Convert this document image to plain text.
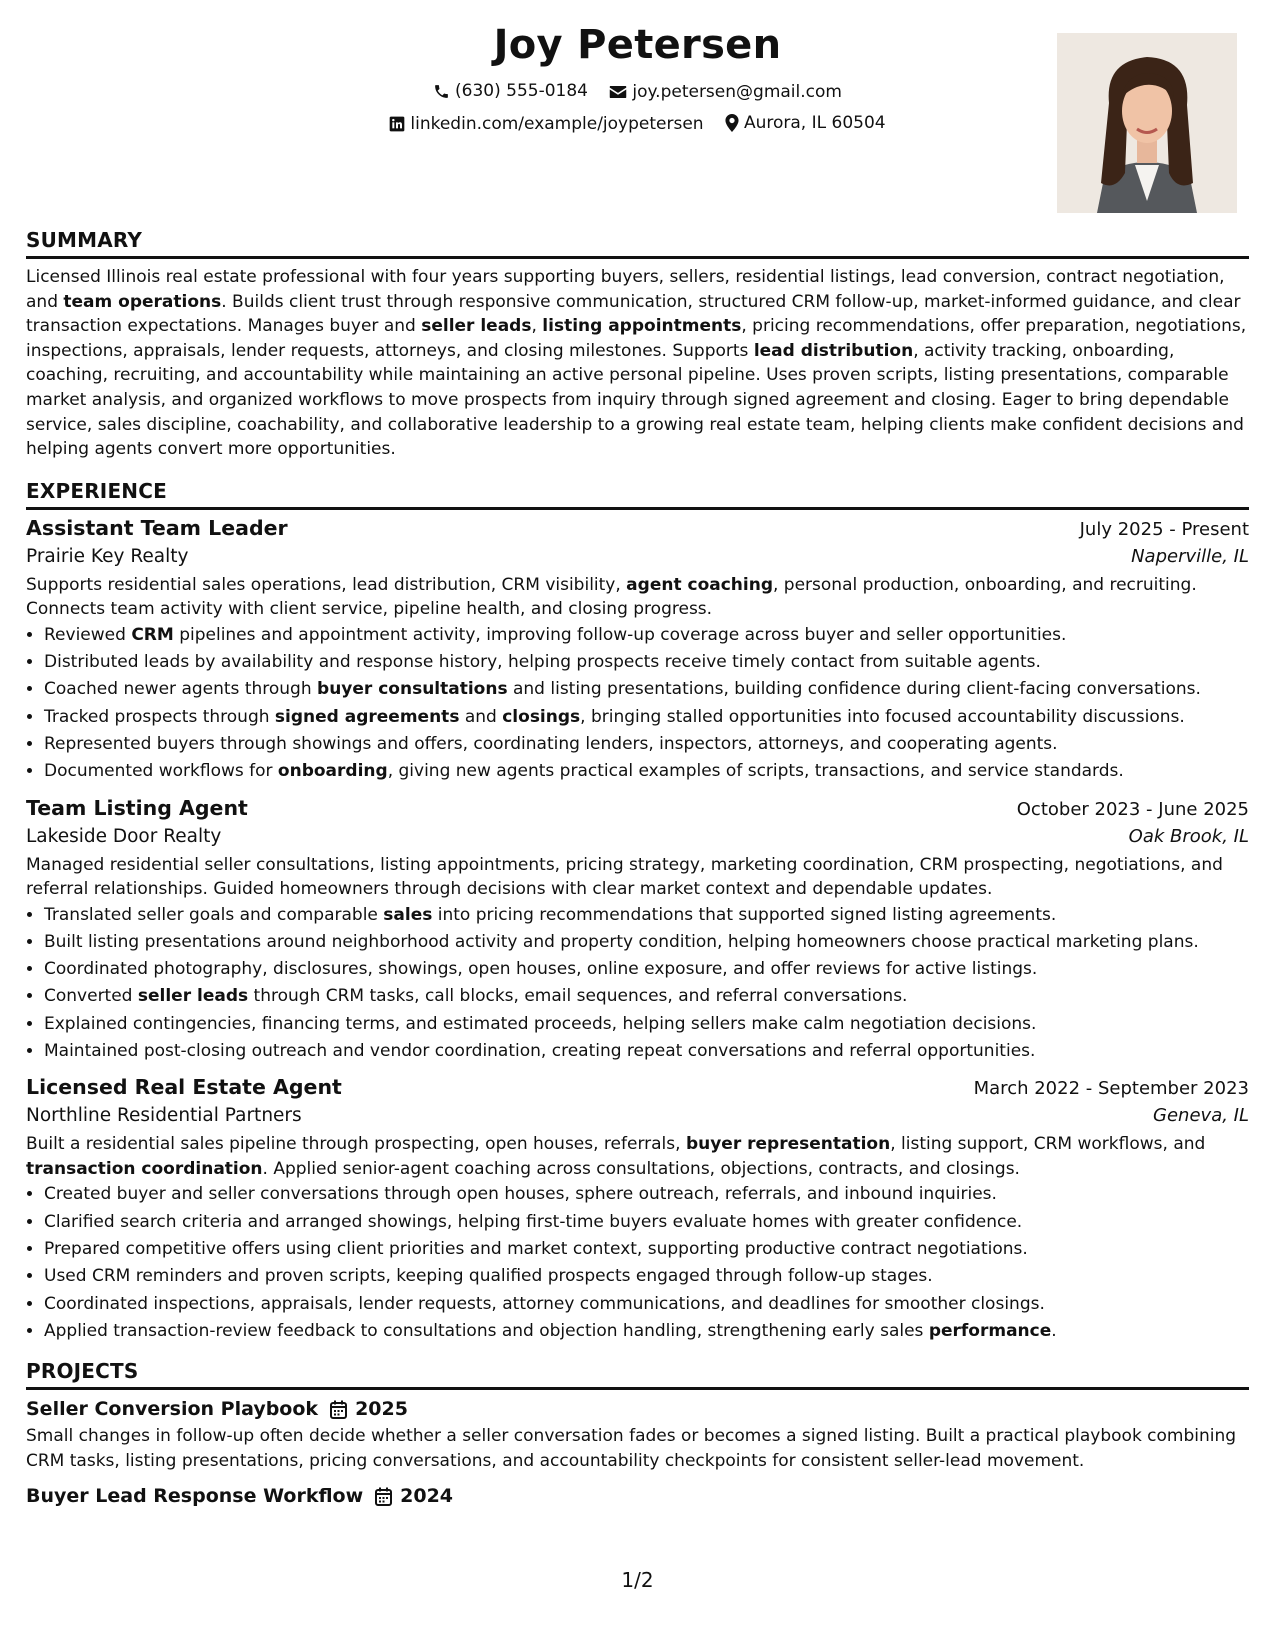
Joy Petersen
(630) 555-0184
	joy.petersen@gmail.com
linkedin.com/example/joypetersen
Aurora, IL 60504
SUMMARY

Licensed Illinois real estate professional with four years supporting buyers, sellers, residential listings, lead conversion, contract negotiation, and team operations. Builds client trust through responsive communication, structured CRM follow-up, market-informed guidance, and clear transaction expectations. Manages buyer and seller leads, listing appointments, pricing recommendations, offer preparation, negotiations, inspections, appraisals, lender requests, attorneys, and closing milestones. Supports lead distribution, activity tracking, onboarding, coaching, recruiting, and accountability while maintaining an active personal pipeline. Uses proven scripts, listing presentations, comparable market analysis, and organized workflows to move prospects from inquiry through signed agreement and closing. Eager to bring dependable service, sales discipline, coachability, and collaborative leadership to a growing real estate team, helping clients make confident decisions and helping agents convert more opportunities.

EXPERIENCE
Assistant Team Leader	July 2025 - Present
Prairie Key Realty	Naperville, IL

Supports residential sales operations, lead distribution, CRM visibility, agent coaching, personal production, onboarding, and recruiting. Connects team activity with client service, pipeline health, and closing progress.

• Reviewed CRM pipelines and appointment activity, improving follow-up coverage across buyer and seller opportunities.
• Distributed leads by availability and response history, helping prospects receive timely contact from suitable agents.
• Coached newer agents through buyer consultations and listing presentations, building confidence during client-facing conversations.
• Tracked prospects through signed agreements and closings, bringing stalled opportunities into focused accountability discussions.
• Represented buyers through showings and offers, coordinating lenders, inspectors, attorneys, and cooperating agents.
• Documented workflows for onboarding, giving new agents practical examples of scripts, transactions, and service standards.
Team Listing Agent	October 2023 - June 2025
Lakeside Door Realty	Oak Brook, IL

Managed residential seller consultations, listing appointments, pricing strategy, marketing coordination, CRM prospecting, negotiations, and referral relationships. Guided homeowners through decisions with clear market context and dependable updates.

• Translated seller goals and comparable sales into pricing recommendations that supported signed listing agreements.
• Built listing presentations around neighborhood activity and property condition, helping homeowners choose practical marketing plans.
• Coordinated photography, disclosures, showings, open houses, online exposure, and offer reviews for active listings.
• Converted seller leads through CRM tasks, call blocks, email sequences, and referral conversations.
• Explained contingencies, financing terms, and estimated proceeds, helping sellers make calm negotiation decisions.
• Maintained post-closing outreach and vendor coordination, creating repeat conversations and referral opportunities.
Licensed Real Estate Agent	March 2022 - September 2023
Northline Residential Partners	Geneva, IL

Built a residential sales pipeline through prospecting, open houses, referrals, buyer representation, listing support, CRM workflows, and transaction coordination. Applied senior-agent coaching across consultations, objections, contracts, and closings.

• Created buyer and seller conversations through open houses, sphere outreach, referrals, and inbound inquiries.
• Clarified search criteria and arranged showings, helping first-time buyers evaluate homes with greater confidence.
• Prepared competitive offers using client priorities and market context, supporting productive contract negotiations.
• Used CRM reminders and proven scripts, keeping qualified prospects engaged through follow-up stages.
• Coordinated inspections, appraisals, lender requests, attorney communications, and deadlines for smoother closings.
• Applied transaction-review feedback to consultations and objection handling, strengthening early sales performance.
PROJECTS
Seller Conversion Playbook 2025

Small changes in follow-up often decide whether a seller conversation fades or becomes a signed listing. Built a practical playbook combining CRM tasks, listing presentations, pricing conversations, and accountability checkpoints for consistent seller-lead movement.

Buyer Lead Response Workflow 2024
1/2
